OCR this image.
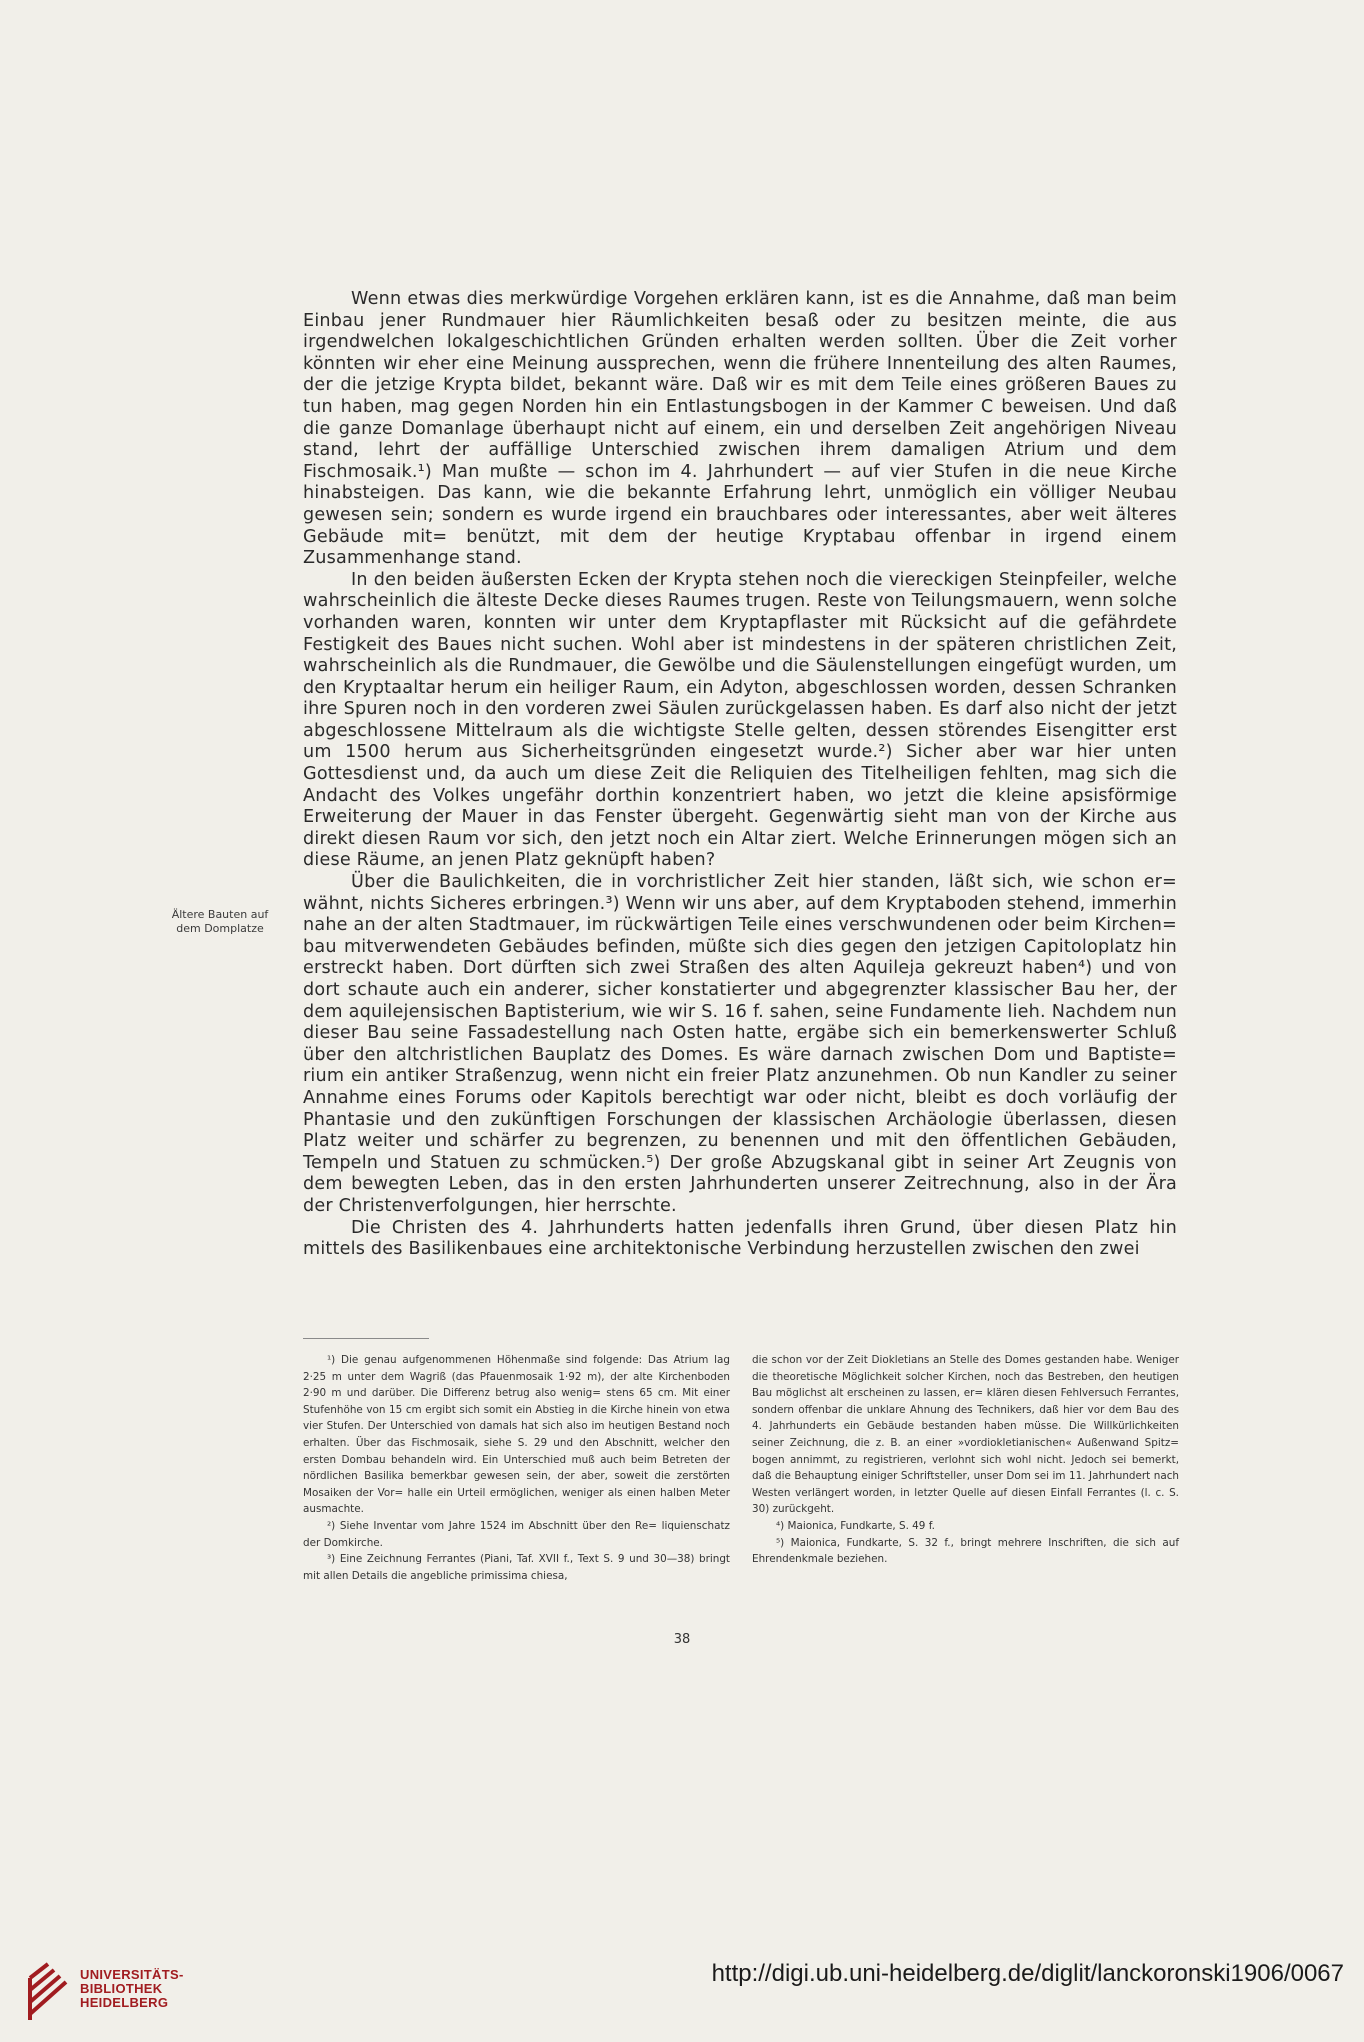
Wenn etwas dies merkwürdige Vorgehen erklären kann, ist es die Annahme, daß man beim Einbau jener Rundmauer hier Räumlichkeiten besaß oder zu besitzen meinte, die aus irgendwelchen lokalgeschichtlichen Gründen erhalten werden sollten. Über die Zeit vorher könnten wir eher eine Meinung aussprechen, wenn die frühere Innenteilung des alten Raumes, der die jetzige Krypta bildet, bekannt wäre. Daß wir es mit dem Teile eines größeren Baues zu tun haben, mag gegen Norden hin ein Entlastungsbogen in der Kammer C beweisen. Und daß die ganze Domanlage überhaupt nicht auf einem, ein und derselben Zeit angehörigen Niveau stand, lehrt der auffällige Unterschied zwischen ihrem damaligen Atrium und dem Fischmosaik.¹) Man mußte — schon im 4. Jahrhundert — auf vier Stufen in die neue Kirche hinabsteigen. Das kann, wie die bekannte Erfahrung lehrt, unmöglich ein völliger Neubau gewesen sein; sondern es wurde irgend ein brauchbares oder interessantes, aber weit älteres Gebäude mit= benützt, mit dem der heutige Kryptabau offenbar in irgend einem Zusammenhange stand.

In den beiden äußersten Ecken der Krypta stehen noch die viereckigen Steinpfeiler, welche wahrscheinlich die älteste Decke dieses Raumes trugen. Reste von Teilungsmauern, wenn solche vorhanden waren, konnten wir unter dem Kryptapflaster mit Rücksicht auf die gefährdete Festigkeit des Baues nicht suchen. Wohl aber ist mindestens in der späteren christlichen Zeit, wahrscheinlich als die Rundmauer, die Gewölbe und die Säulenstellungen eingefügt wurden, um den Kryptaaltar herum ein heiliger Raum, ein Adyton, abgeschlossen worden, dessen Schranken ihre Spuren noch in den vorderen zwei Säulen zurückgelassen haben. Es darf also nicht der jetzt abgeschlossene Mittelraum als die wichtigste Stelle gelten, dessen störendes Eisengitter erst um 1500 herum aus Sicherheitsgründen eingesetzt wurde.²) Sicher aber war hier unten Gottesdienst und, da auch um diese Zeit die Reliquien des Titelheiligen fehlten, mag sich die Andacht des Volkes ungefähr dorthin konzentriert haben, wo jetzt die kleine apsisförmige Erweiterung der Mauer in das Fenster übergeht. Gegenwärtig sieht man von der Kirche aus direkt diesen Raum vor sich, den jetzt noch ein Altar ziert. Welche Erinnerungen mögen sich an diese Räume, an jenen Platz geknüpft haben?

Über die Baulichkeiten, die in vorchristlicher Zeit hier standen, läßt sich, wie schon er= wähnt, nichts Sicheres erbringen.³) Wenn wir uns aber, auf dem Kryptaboden stehend, immerhin nahe an der alten Stadtmauer, im rückwärtigen Teile eines verschwundenen oder beim Kirchen= bau mitverwendeten Gebäudes befinden, müßte sich dies gegen den jetzigen Capitoloplatz hin erstreckt haben. Dort dürften sich zwei Straßen des alten Aquileja gekreuzt haben⁴) und von dort schaute auch ein anderer, sicher konstatierter und abgegrenzter klassischer Bau her, der dem aquilejensischen Baptisterium, wie wir S. 16 f. sahen, seine Fundamente lieh. Nachdem nun dieser Bau seine Fassadestellung nach Osten hatte, ergäbe sich ein bemerkenswerter Schluß über den altchristlichen Bauplatz des Domes. Es wäre darnach zwischen Dom und Baptiste= rium ein antiker Straßenzug, wenn nicht ein freier Platz anzunehmen. Ob nun Kandler zu seiner Annahme eines Forums oder Kapitols berechtigt war oder nicht, bleibt es doch vorläufig der Phantasie und den zukünftigen Forschungen der klassischen Archäologie überlassen, diesen Platz weiter und schärfer zu begrenzen, zu benennen und mit den öffentlichen Gebäuden, Tempeln und Statuen zu schmücken.⁵) Der große Abzugskanal gibt in seiner Art Zeugnis von dem bewegten Leben, das in den ersten Jahrhunderten unserer Zeitrechnung, also in der Ära der Christenverfolgungen, hier herrschte.

Die Christen des 4. Jahrhunderts hatten jedenfalls ihren Grund, über diesen Platz hin mittels des Basilikenbaues eine architektonische Verbindung herzustellen zwischen den zwei

Ältere Bauten auf
dem Domplatze

¹) Die genau aufgenommenen Höhenmaße sind folgende: Das Atrium lag 2·25 m unter dem Wagriß (das Pfauenmosaik 1·92 m), der alte Kirchenboden 2·90 m und darüber. Die Differenz betrug also wenig= stens 65 cm. Mit einer Stufenhöhe von 15 cm ergibt sich somit ein Abstieg in die Kirche hinein von etwa vier Stufen. Der Unterschied von damals hat sich also im heutigen Bestand noch erhalten. Über das Fischmosaik, siehe S. 29 und den Abschnitt, welcher den ersten Dombau behandeln wird. Ein Unterschied muß auch beim Betreten der nördlichen Basilika bemerkbar gewesen sein, der aber, soweit die zerstörten Mosaiken der Vor= halle ein Urteil ermöglichen, weniger als einen halben Meter ausmachte.

²) Siehe Inventar vom Jahre 1524 im Abschnitt über den Re= liquienschatz der Domkirche.

³) Eine Zeichnung Ferrantes (Piani, Taf. XVII f., Text S. 9 und 30—38) bringt mit allen Details die angebliche primissima chiesa,

die schon vor der Zeit Diokletians an Stelle des Domes gestanden habe. Weniger die theoretische Möglichkeit solcher Kirchen, noch das Bestreben, den heutigen Bau möglichst alt erscheinen zu lassen, er= klären diesen Fehlversuch Ferrantes, sondern offenbar die unklare Ahnung des Technikers, daß hier vor dem Bau des 4. Jahrhunderts ein Gebäude bestanden haben müsse. Die Willkürlichkeiten seiner Zeichnung, die z. B. an einer »vordiokletianischen« Außenwand Spitz= bogen annimmt, zu registrieren, verlohnt sich wohl nicht. Jedoch sei bemerkt, daß die Behauptung einiger Schriftsteller, unser Dom sei im 11. Jahrhundert nach Westen verlängert worden, in letzter Quelle auf diesen Einfall Ferrantes (l. c. S. 30) zurückgeht.

⁴) Maionica, Fundkarte, S. 49 f.

⁵) Maionica, Fundkarte, S. 32 f., bringt mehrere Inschriften, die sich auf Ehrendenkmale beziehen.

38
UNIVERSITÄTS-
BIBLIOTHEK
HEIDELBERG
http://digi.ub.uni-heidelberg.de/diglit/lanckoronski1906/0067
